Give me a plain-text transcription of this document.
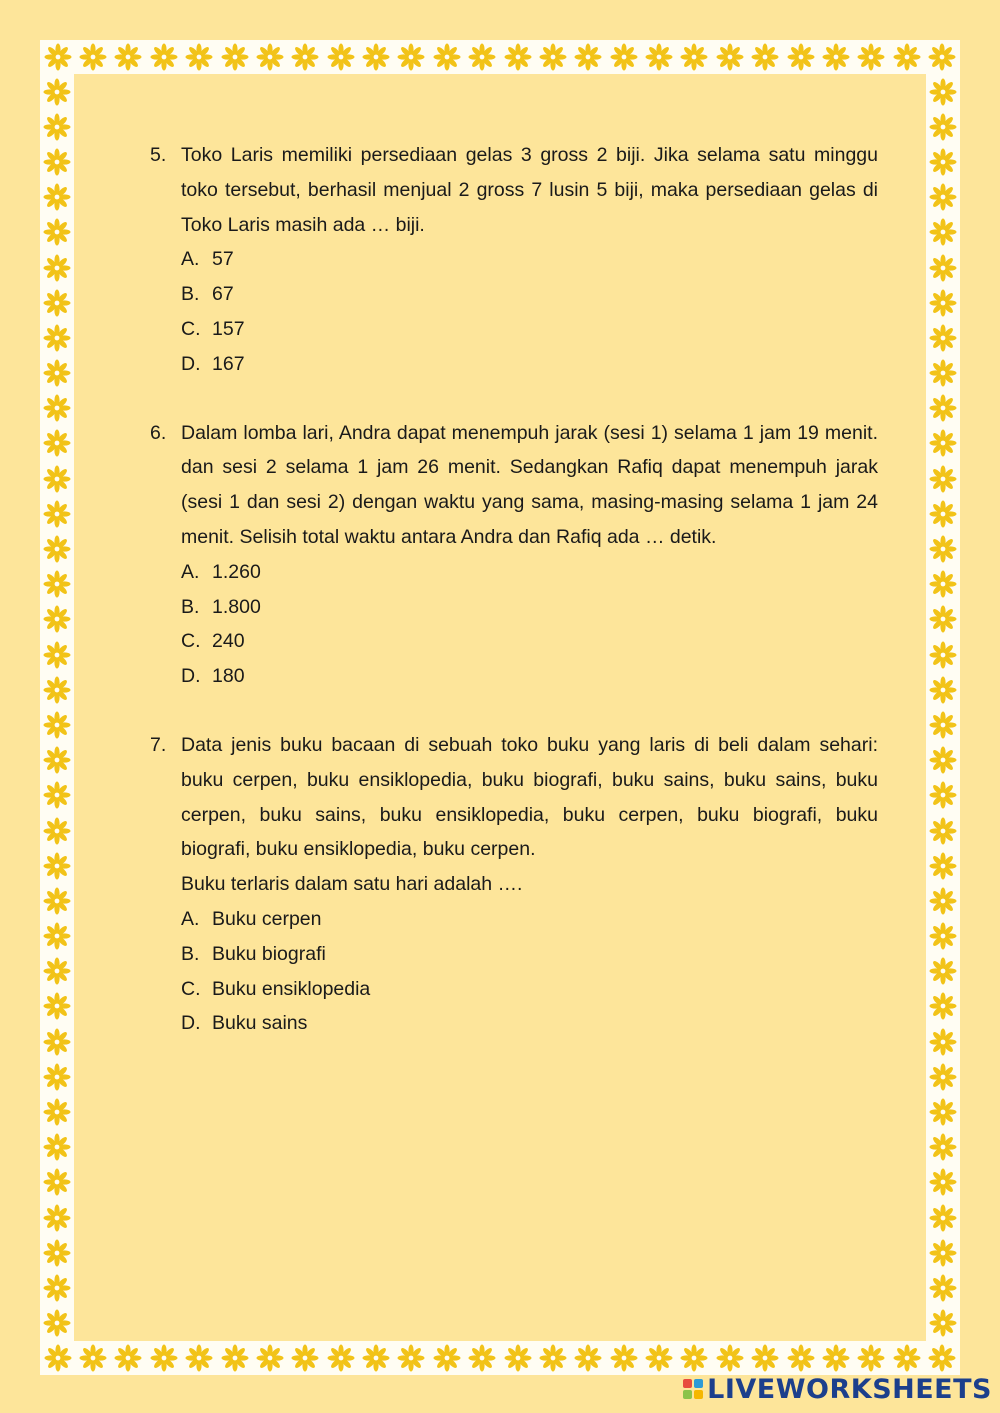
5. Toko Laris memiliki persediaan gelas 3 gross 2 biji. Jika selama satu minggu toko tersebut, berhasil menjual 2 gross 7 lusin 5 biji, maka persediaan gelas di Toko Laris masih ada … biji.
A. 57
B. 67
C. 157
D. 167
6. Dalam lomba lari, Andra dapat menempuh jarak (sesi 1) selama 1 jam 19 menit. dan sesi 2 selama 1 jam 26 menit. Sedangkan Rafiq dapat menempuh jarak (sesi 1 dan sesi 2) dengan waktu yang sama, masing-masing selama 1 jam 24 menit. Selisih total waktu antara Andra dan Rafiq ada … detik.
A. 1.260
B. 1.800
C. 240
D. 180
7. Data jenis buku bacaan di sebuah toko buku yang laris di beli dalam sehari: buku cerpen, buku ensiklopedia, buku biografi, buku sains, buku sains, buku cerpen, buku sains, buku ensiklopedia, buku cerpen, buku biografi, buku biografi, buku ensiklopedia, buku cerpen.
Buku terlaris dalam satu hari adalah ….
A. Buku cerpen
B. Buku biografi
C. Buku ensiklopedia
D. Buku sains
LIVEWORKSHEETS
